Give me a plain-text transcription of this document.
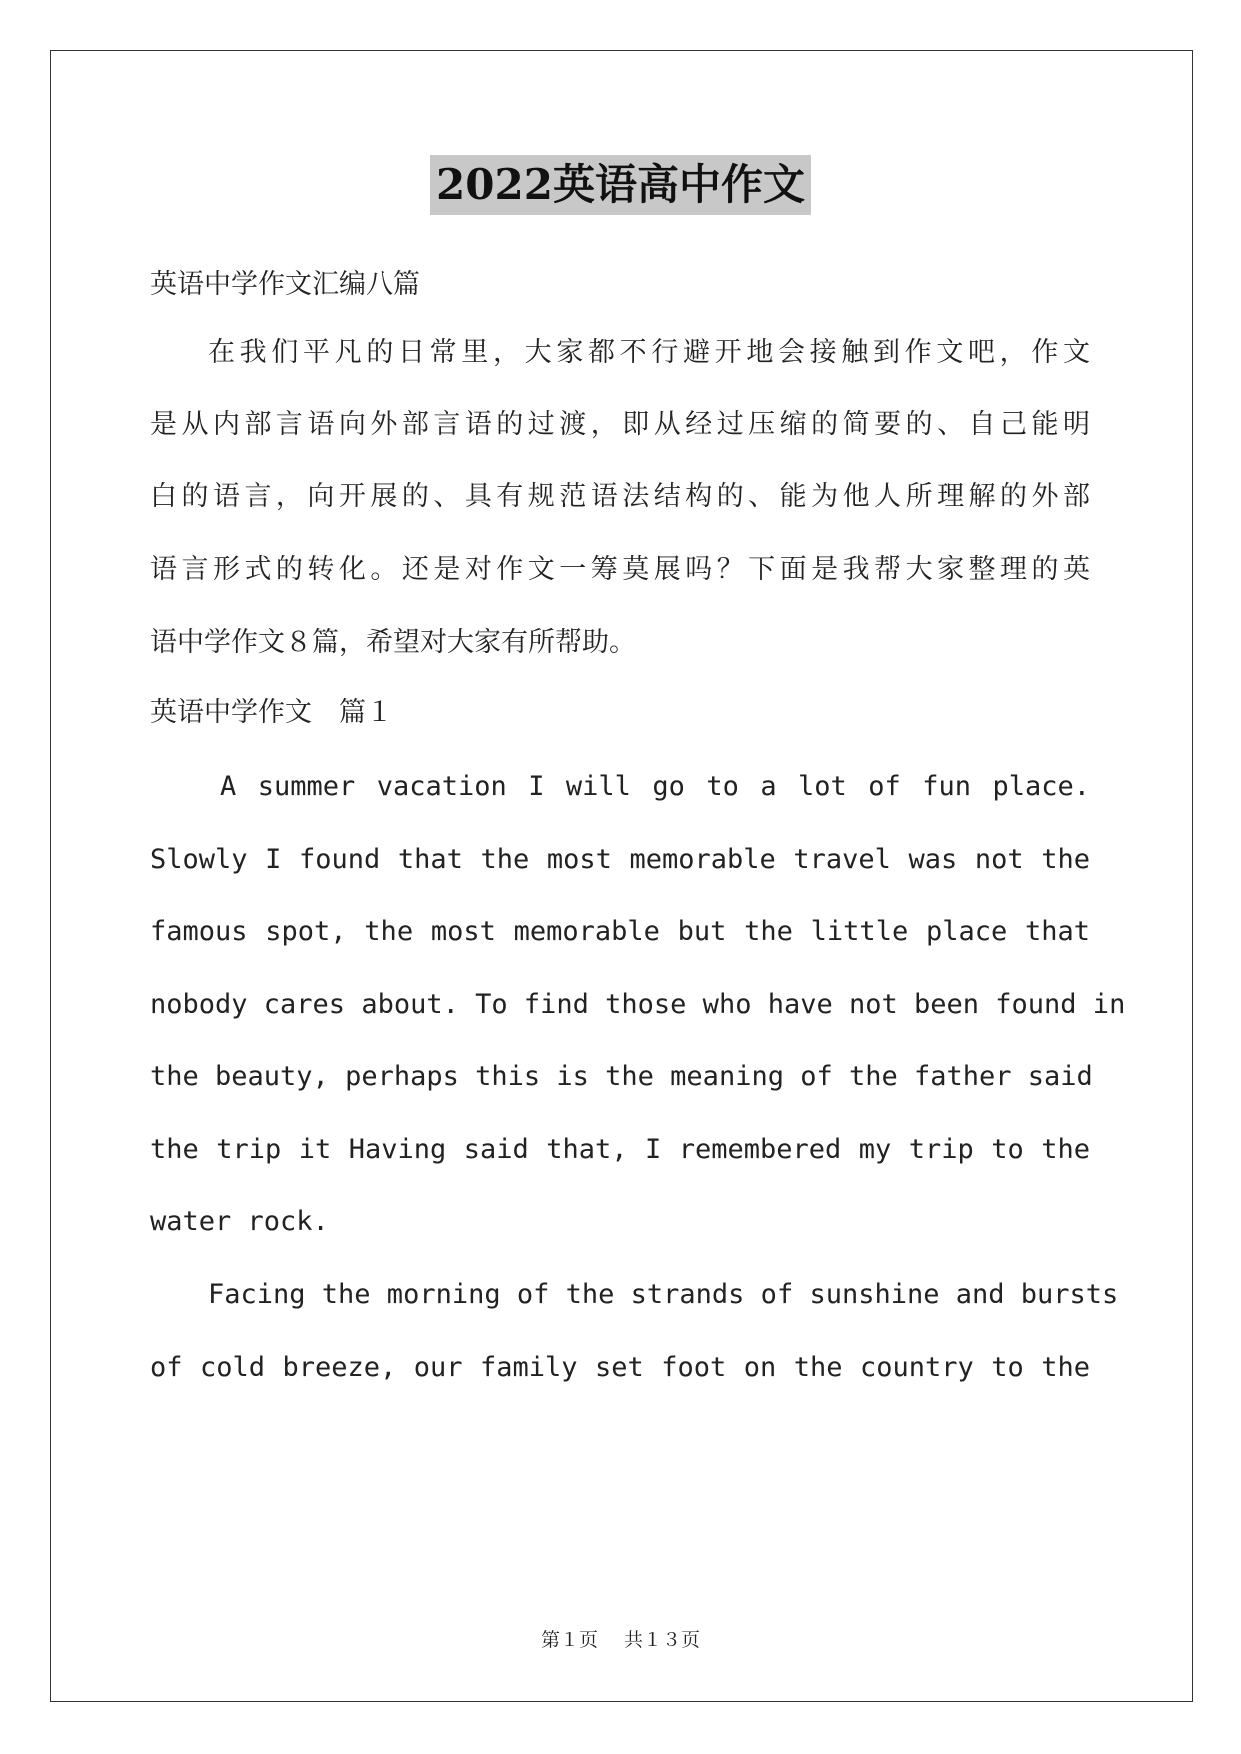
2022英语高中作文
英语中学作文汇编八篇
在我们平凡的日常里，大家都不行避开地会接触到作文吧，作文
是从内部言语向外部言语的过渡，即从经过压缩的简要的、自己能明
白的语言，向开展的、具有规范语法结构的、能为他人所理解的外部
语言形式的转化。还是对作文一筹莫展吗？下面是我帮大家整理的英
语中学作文８篇，希望对大家有所帮助。
英语中学作文　篇１
A summer vacation I will go to a lot of fun place.
Slowly I found that the most memorable travel was not the
famous spot, the most memorable but the little place that
nobody cares about. To find those who have not been found in
the beauty, perhaps this is the meaning of the father said
the trip it Having said that, I remembered my trip to the
water rock.
Facing the morning of the strands of sunshine and bursts
of cold breeze, our family set foot on the country to the
第１页 共１３页
